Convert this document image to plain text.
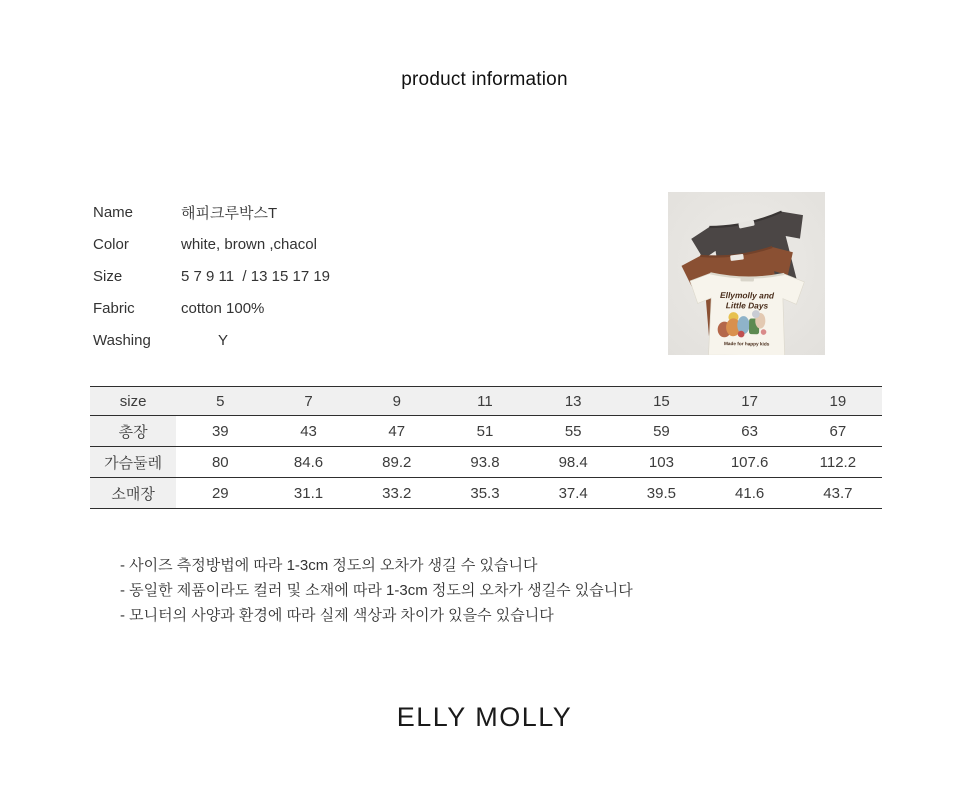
product information
Name	해피크루박스T
Color	white, brown ,chacol
Size	5 7 9 11  / 13 15 17 19
Fabric	cotton 100%
Washing	Y
Ellymolly and
Little Days
Made for happy kids
size	5	7	9	11	13	15	17	19
총장	39	43	47	51	55	59	63	67
가슴둘레	80	84.6	89.2	93.8	98.4	103	107.6	112.2
소매장	29	31.1	33.2	35.3	37.4	39.5	41.6	43.7
- 사이즈 측정방법에 따라 1-3cm 정도의 오차가 생길 수 있습니다
- 동일한 제품이라도 컬러 및 소재에 따라 1-3cm 정도의 오차가 생길수 있습니다
- 모니터의 사양과 환경에 따라 실제 색상과 차이가 있을수 있습니다
ELLY MOLLY
